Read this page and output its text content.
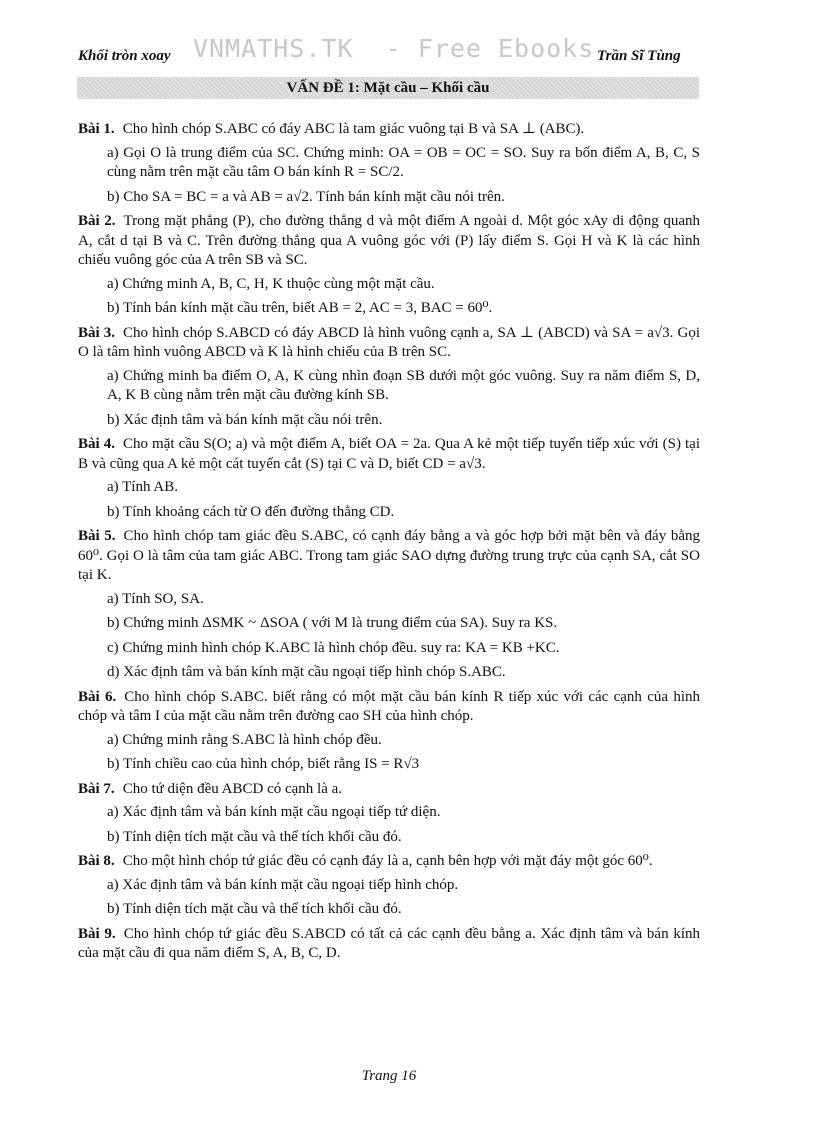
Khối tròn xoay VNMATHS.TK  - Free Ebooks Trần Sĩ Tùng
VẤN ĐỀ 1: Mặt cầu – Khối cầu
Bài 1. Cho hình chóp S.ABC có đáy ABC là tam giác vuông tại B và SA ⊥ (ABC).
a) Gọi O là trung điểm của SC. Chứng minh: OA = OB = OC = SO. Suy ra bốn điểm A, B, C, S cùng nằm trên mặt cầu tâm O bán kính R = SC/2.
b) Cho SA = BC = a và AB = a√2. Tính bán kính mặt cầu nói trên.
Bài 2. Trong mặt phẳng (P), cho đường thẳng d và một điểm A ngoài d. Một góc xAy di động quanh A, cắt d tại B và C. Trên đường thẳng qua A vuông góc với (P) lấy điểm S. Gọi H và K là các hình chiếu vuông góc của A trên SB và SC.
a) Chứng minh A, B, C, H, K thuộc cùng một mặt cầu.
b) Tính bán kính mặt cầu trên, biết AB = 2, AC = 3, BAC = 60⁰.
Bài 3. Cho hình chóp S.ABCD có đáy ABCD là hình vuông cạnh a, SA ⊥ (ABCD) và SA = a√3. Gọi O là tâm hình vuông ABCD và K là hình chiếu của B trên SC.
a) Chứng minh ba điểm O, A, K cùng nhìn đoạn SB dưới một góc vuông. Suy ra năm điểm S, D, A, K B cùng nằm trên mặt cầu đường kính SB.
b) Xác định tâm và bán kính mặt cầu nói trên.
Bài 4. Cho mặt cầu S(O; a) và một điểm A, biết OA = 2a. Qua A kẻ một tiếp tuyến tiếp xúc với (S) tại B và cũng qua A kẻ một cát tuyến cắt (S) tại C và D, biết CD = a√3.
a) Tính AB.
b) Tính khoảng cách từ O đến đường thẳng CD.
Bài 5. Cho hình chóp tam giác đều S.ABC, có cạnh đáy bằng a và góc hợp bởi mặt bên và đáy bằng 60⁰. Gọi O là tâm của tam giác ABC. Trong tam giác SAO dựng đường trung trực của cạnh SA, cắt SO tại K.
a) Tính SO, SA.
b) Chứng minh ΔSMK ~ ΔSOA ( với M là trung điểm của SA). Suy ra KS.
c) Chứng minh hình chóp K.ABC là hình chóp đều. suy ra: KA = KB +KC.
d) Xác định tâm và bán kính mặt cầu ngoại tiếp hình chóp S.ABC.
Bài 6. Cho hình chóp S.ABC. biết rằng có một mặt cầu bán kính R tiếp xúc với các cạnh của hình chóp và tâm I của mặt cầu nằm trên đường cao SH của hình chóp.
a) Chứng minh rằng S.ABC là hình chóp đều.
b) Tính chiều cao của hình chóp, biết rằng IS = R√3
Bài 7. Cho tứ diện đều ABCD có cạnh là a.
a) Xác định tâm và bán kính mặt cầu ngoại tiếp tứ diện.
b) Tính diện tích mặt cầu và thể tích khối cầu đó.
Bài 8. Cho một hình chóp tứ giác đều có cạnh đáy là a, cạnh bên hợp với mặt đáy một góc 60⁰.
a) Xác định tâm và bán kính mặt cầu ngoại tiếp hình chóp.
b) Tính diện tích mặt cầu và thể tích khối cầu đó.
Bài 9. Cho hình chóp tứ giác đều S.ABCD có tất cả các cạnh đều bằng a. Xác định tâm và bán kính của mặt cầu đi qua năm điểm S, A, B, C, D.
Trang 16
